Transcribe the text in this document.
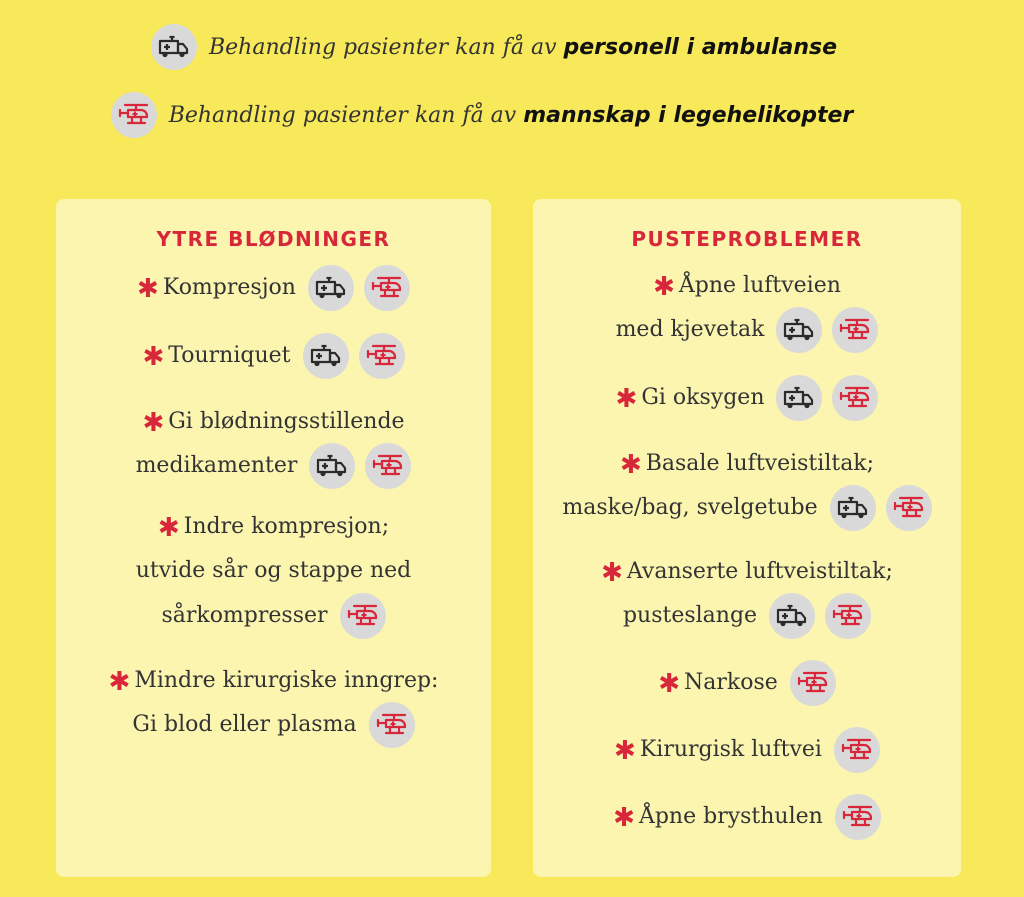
Behandling pasienter kan få av personell i ambulanse
Behandling pasienter kan få av mannskap i legehelikopter
YTRE BLØDNINGER
✱ Kompresjon
✱ Tourniquet
✱ Gi blødningsstillende
medikamenter
✱ Indre kompresjon;
utvide sår og stappe ned
sårkompresser
✱ Mindre kirurgiske inngrep:
Gi blod eller plasma
PUSTEPROBLEMER
✱ Åpne luftveien
med kjevetak
✱ Gi oksygen
✱ Basale luftveistiltak;
maske/bag, svelgetube
✱ Avanserte luftveistiltak;
pusteslange
✱ Narkose
✱ Kirurgisk luftvei
✱ Åpne brysthulen
